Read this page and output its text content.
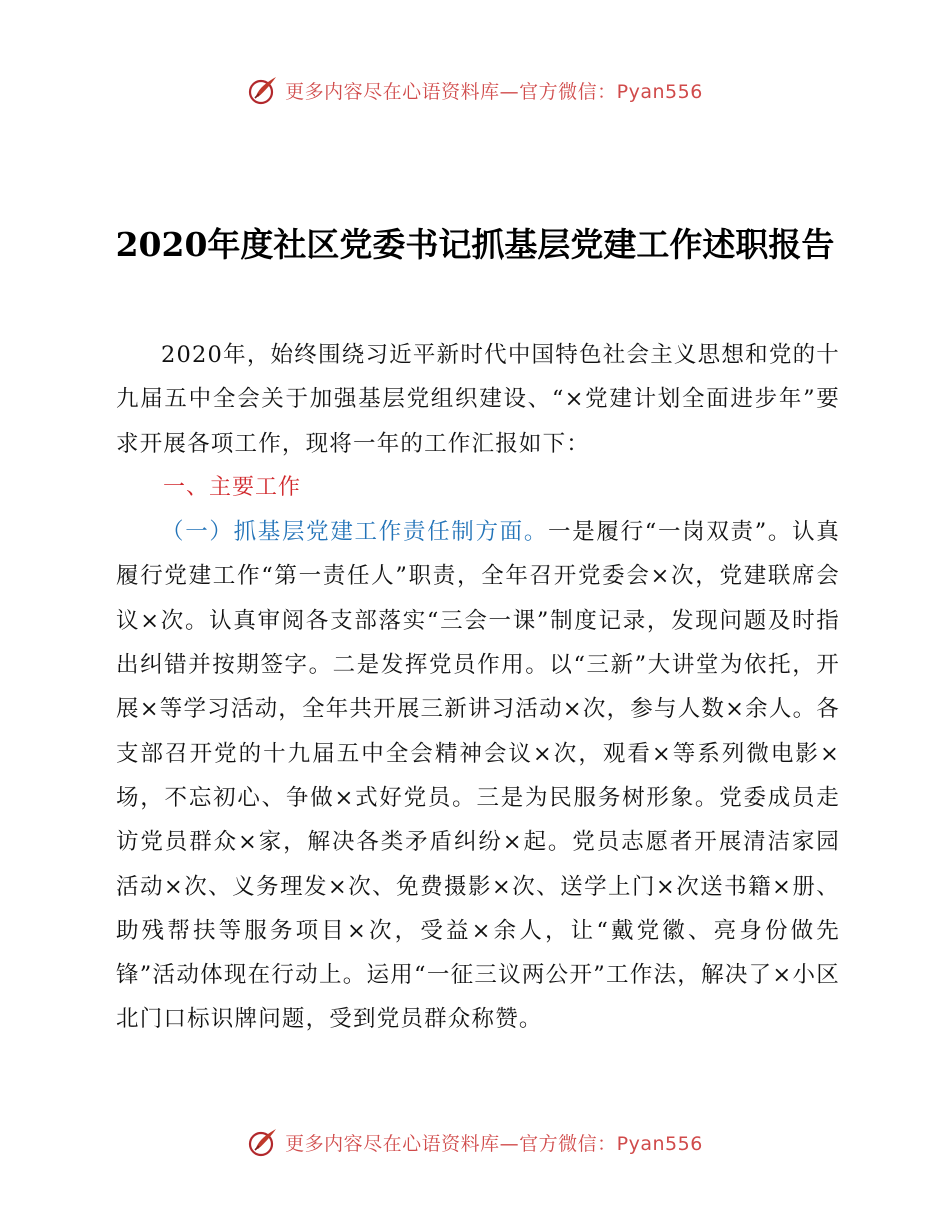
更多内容尽在心语资料库—官方微信：Pyan556
2020年度社区党委书记抓基层党建工作述职报告

2020年，始终围绕习近平新时代中国特色社会主义思想和党的十九届五中全会关于加强基层党组织建设、“×党建计划全面进步年”要求开展各项工作，现将一年的工作汇报如下：

一、主要工作

（一）抓基层党建工作责任制方面。一是履行“一岗双责”。认真履行党建工作“第一责任人”职责，全年召开党委会×次，党建联席会议×次。认真审阅各支部落实“三会一课”制度记录，发现问题及时指出纠错并按期签字。二是发挥党员作用。以“三新”大讲堂为依托，开展×等学习活动，全年共开展三新讲习活动×次，参与人数×余人。各支部召开党的十九届五中全会精神会议×次，观看×等系列微电影×场，不忘初心、争做×式好党员。三是为民服务树形象。党委成员走访党员群众×家，解决各类矛盾纠纷×起。党员志愿者开展清洁家园活动×次、义务理发×次、免费摄影×次、送学上门×次送书籍×册、助残帮扶等服务项目×次，受益×余人，让“戴党徽、亮身份做先锋”活动体现在行动上。运用“一征三议两公开”工作法，解决了×小区北门口标识牌问题，受到党员群众称赞。

更多内容尽在心语资料库—官方微信：Pyan556
